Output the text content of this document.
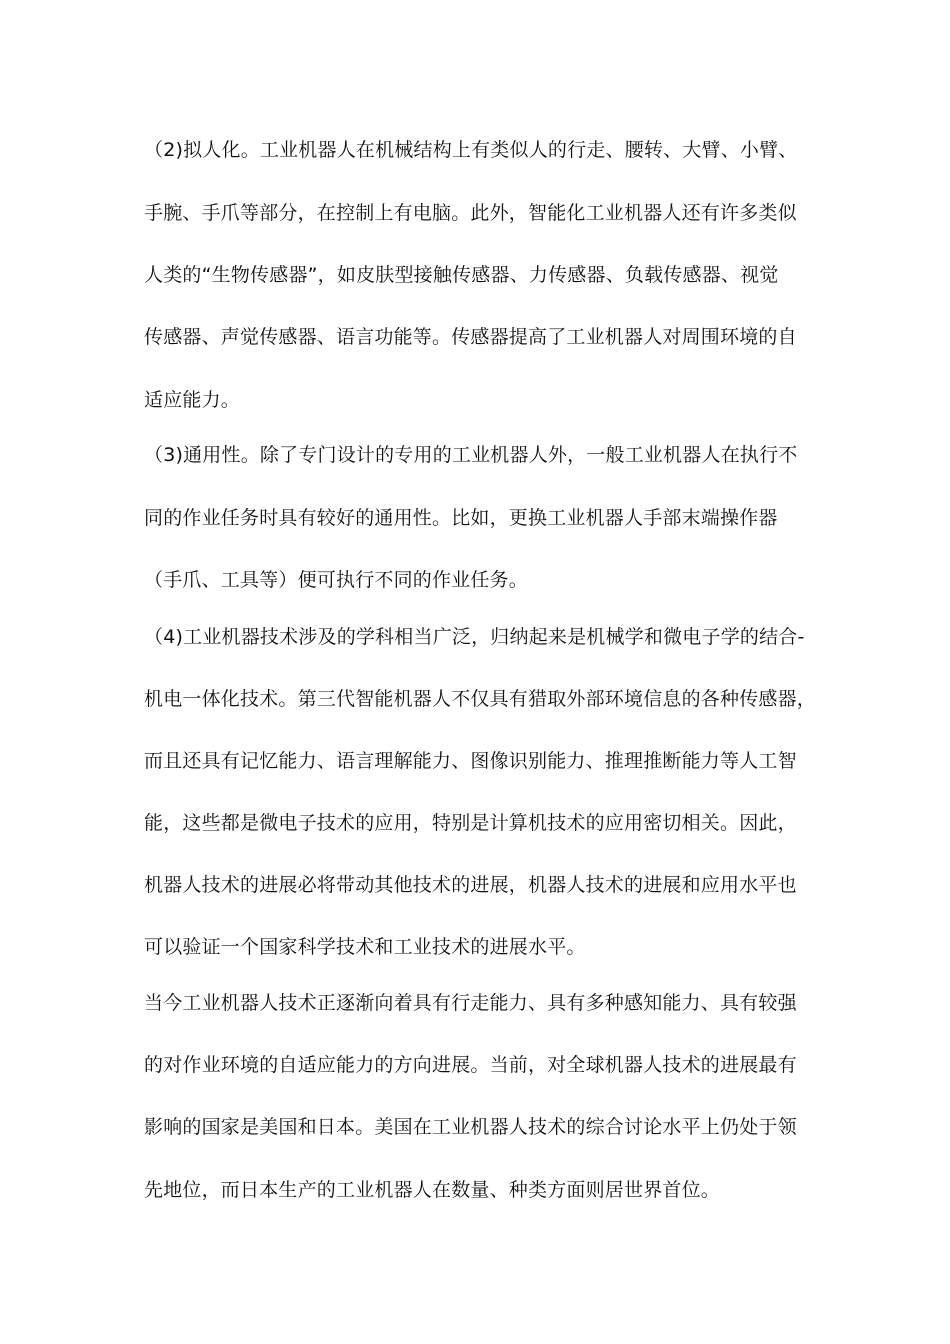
（2)拟人化。工业机器人在机械结构上有类似人的行走、腰转、大臂、小臂、
手腕、手爪等部分，在控制上有电脑。此外，智能化工业机器人还有许多类似
人类的“生物传感器”，如皮肤型接触传感器、力传感器、负载传感器、视觉
传感器、声觉传感器、语言功能等。传感器提高了工业机器人对周围环境的自
适应能力。
（3)通用性。除了专门设计的专用的工业机器人外，一般工业机器人在执行不
同的作业任务时具有较好的通用性。比如，更换工业机器人手部末端操作器
（手爪、工具等）便可执行不同的作业任务。
（4)工业机器技术涉及的学科相当广泛，归纳起来是机械学和微电子学的结合-
机电一体化技术。第三代智能机器人不仅具有猎取外部环境信息的各种传感器，
而且还具有记忆能力、语言理解能力、图像识别能力、推理推断能力等人工智
能，这些都是微电子技术的应用，特别是计算机技术的应用密切相关。因此，
机器人技术的进展必将带动其他技术的进展，机器人技术的进展和应用水平也
可以验证一个国家科学技术和工业技术的进展水平。
当今工业机器人技术正逐渐向着具有行走能力、具有多种感知能力、具有较强
的对作业环境的自适应能力的方向进展。当前，对全球机器人技术的进展最有
影响的国家是美国和日本。美国在工业机器人技术的综合讨论水平上仍处于领
先地位，而日本生产的工业机器人在数量、种类方面则居世界首位。
